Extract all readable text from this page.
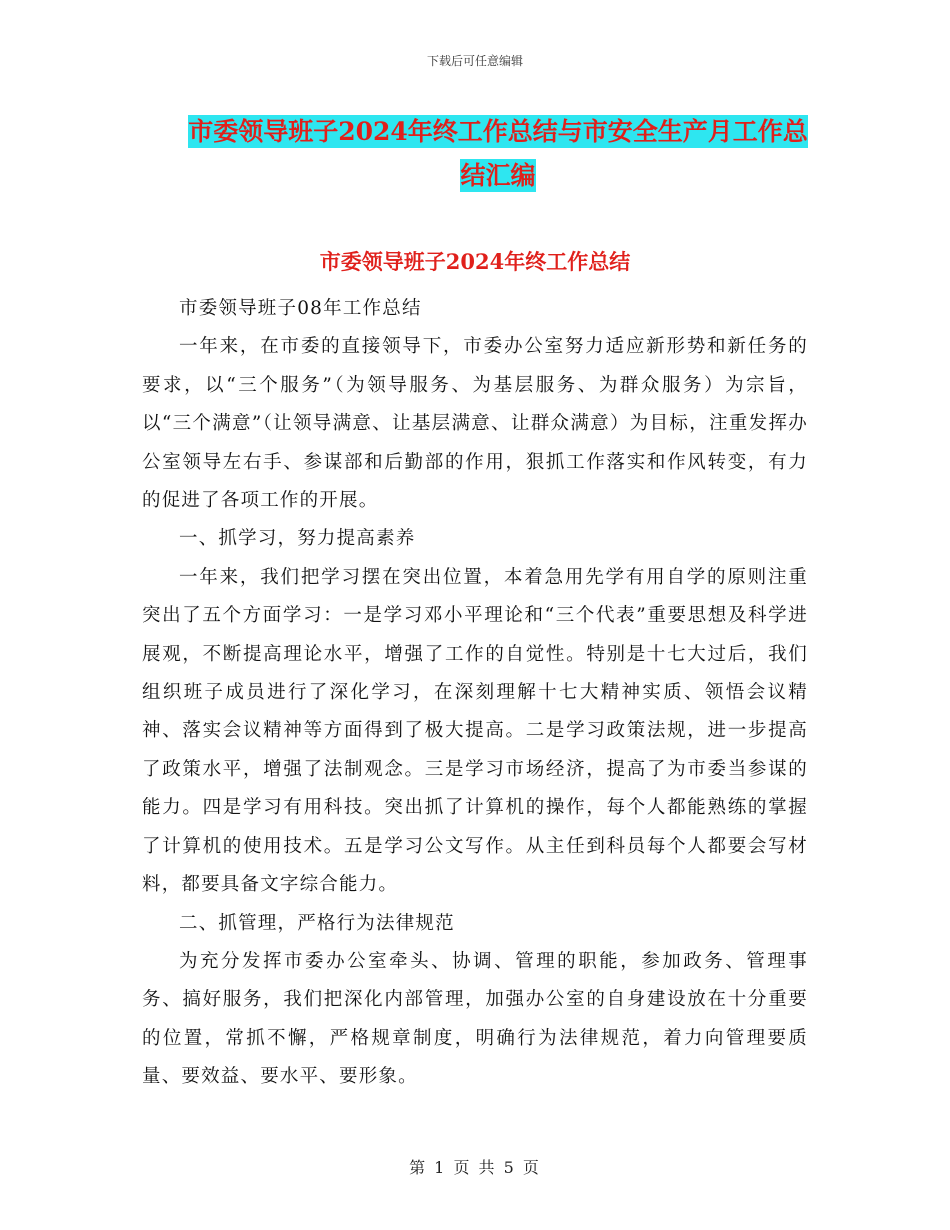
下载后可任意编辑
市委领导班子2024年终工作总结与市安全生产月工作总结汇编
市委领导班子2024年终工作总结

市委领导班子08年工作总结

一年来，在市委的直接领导下，市委办公室努力适应新形势和新任务的要求，以“三个服务”（为领导服务、为基层服务、为群众服务）为宗旨，以“三个满意”（让领导满意、让基层满意、让群众满意）为目标，注重发挥办公室领导左右手、参谋部和后勤部的作用，狠抓工作落实和作风转变，有力的促进了各项工作的开展。

一、抓学习，努力提高素养

一年来，我们把学习摆在突出位置，本着急用先学有用自学的原则注重突出了五个方面学习：一是学习邓小平理论和“三个代表”重要思想及科学进展观，不断提高理论水平，增强了工作的自觉性。特别是十七大过后，我们组织班子成员进行了深化学习，在深刻理解十七大精神实质、领悟会议精神、落实会议精神等方面得到了极大提高。二是学习政策法规，进一步提高了政策水平，增强了法制观念。三是学习市场经济，提高了为市委当参谋的能力。四是学习有用科技。突出抓了计算机的操作，每个人都能熟练的掌握了计算机的使用技术。五是学习公文写作。从主任到科员每个人都要会写材料，都要具备文字综合能力。

二、抓管理，严格行为法律规范

为充分发挥市委办公室牵头、协调、管理的职能，参加政务、管理事务、搞好服务，我们把深化内部管理，加强办公室的自身建设放在十分重要的位置，常抓不懈，严格规章制度，明确行为法律规范，着力向管理要质量、要效益、要水平、要形象。

第 1 页 共 5 页
